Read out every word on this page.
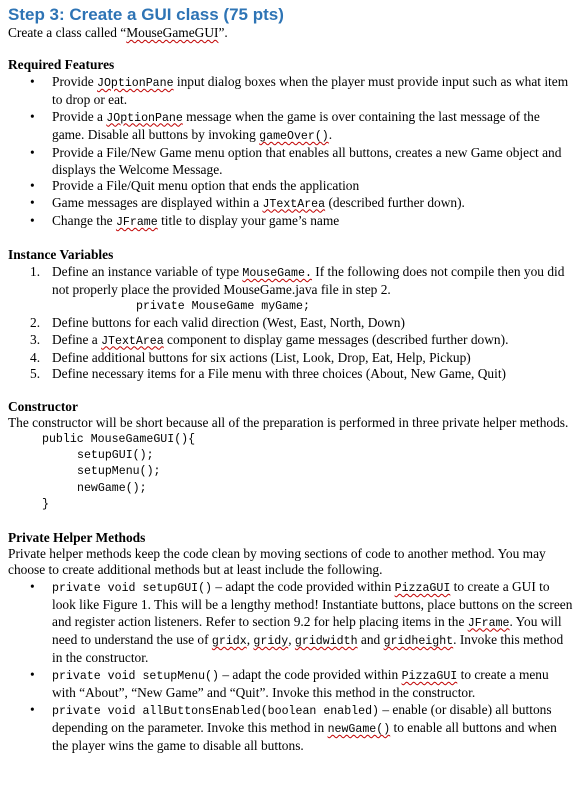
Step 3: Create a GUI class (75 pts)

Create a class called “MouseGameGUI”.

Required Features

• Provide JOptionPane input dialog boxes when the player must provide input such as what item to drop or eat.
• Provide a JOptionPane message when the game is over containing the last message of the game. Disable all buttons by invoking gameOver().
• Provide a File/New Game menu option that enables all buttons, creates a new Game object and displays the Welcome Message.
• Provide a File/Quit menu option that ends the application
• Game messages are displayed within a JTextArea (described further down).
• Change the JFrame title to display your game’s name

Instance Variables

1. Define an instance variable of type MouseGame. If the following does not compile then you did not properly place the provided MouseGame.java file in step 2.
private MouseGame myGame;
2. Define buttons for each valid direction (West, East, North, Down)
3. Define a JTextArea component to display game messages (described further down).
4. Define additional buttons for six actions (List, Look, Drop, Eat, Help, Pickup)
5. Define necessary items for a File menu with three choices (About, New Game, Quit)

Constructor

The constructor will be short because all of the preparation is performed in three private helper methods.

public MouseGameGUI(){
setupGUI();
setupMenu();
newGame();
}

Private Helper Methods

Private helper methods keep the code clean by moving sections of code to another method. You may choose to create additional methods but at least include the following.

• private void setupGUI() – adapt the code provided within PizzaGUI to create a GUI to look like Figure 1. This will be a lengthy method! Instantiate buttons, place buttons on the screen and register action listeners. Refer to section 9.2 for help placing items in the JFrame. You will need to understand the use of gridx, gridy, gridwidth and gridheight. Invoke this method in the constructor.
• private void setupMenu() – adapt the code provided within PizzaGUI to create a menu with “About”, “New Game” and “Quit”. Invoke this method in the constructor.
• private void allButtonsEnabled(boolean enabled) – enable (or disable) all buttons depending on the parameter. Invoke this method in newGame() to enable all buttons and when the player wins the game to disable all buttons.
